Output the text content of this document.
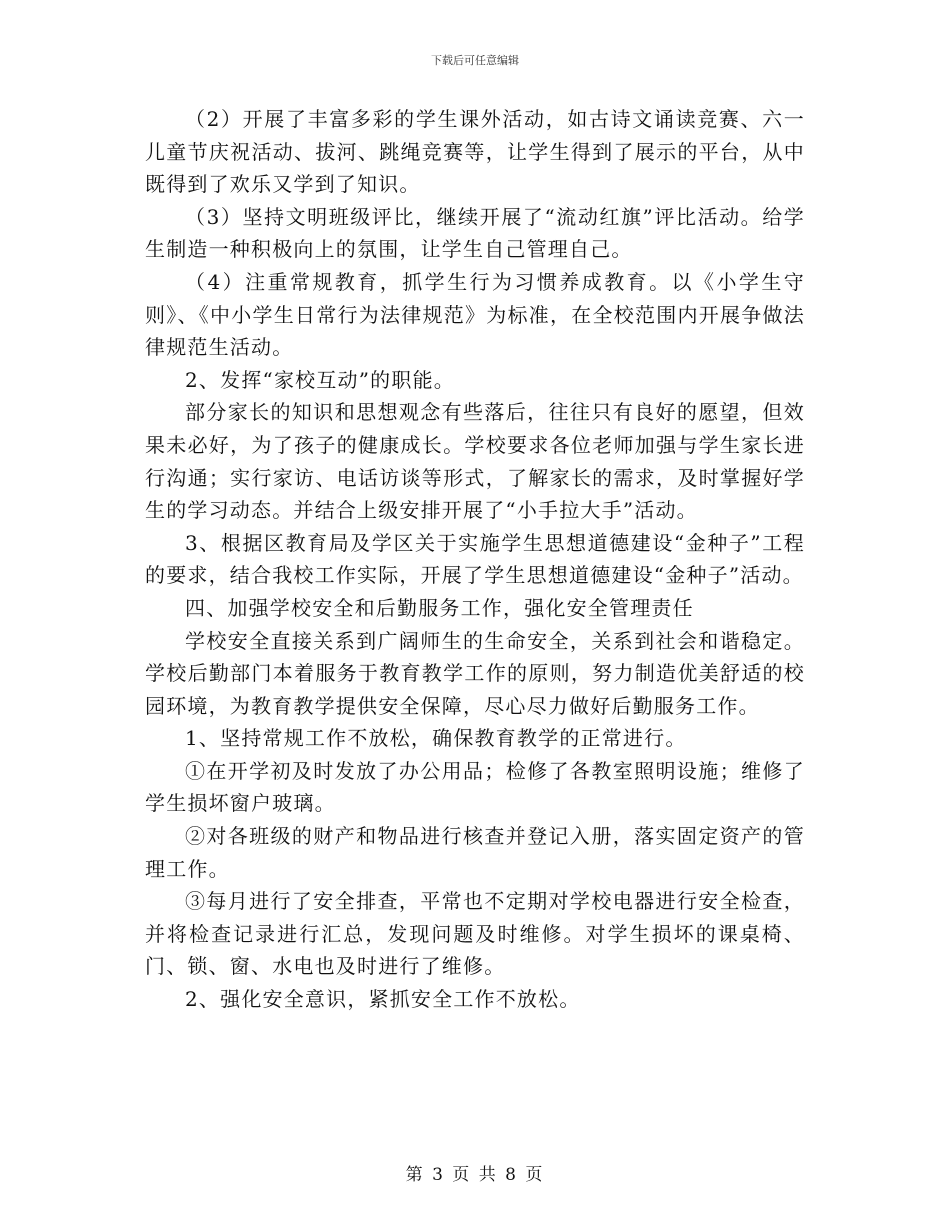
下载后可任意编辑

（2）开展了丰富多彩的学生课外活动，如古诗文诵读竞赛、六一儿童节庆祝活动、拔河、跳绳竞赛等，让学生得到了展示的平台，从中既得到了欢乐又学到了知识。

（3）坚持文明班级评比，继续开展了“流动红旗”评比活动。给学生制造一种积极向上的氛围，让学生自己管理自己。

（4）注重常规教育，抓学生行为习惯养成教育。以《小学生守则》、《中小学生日常行为法律规范》为标准，在全校范围内开展争做法律规范生活动。

2、发挥“家校互动”的职能。

部分家长的知识和思想观念有些落后，往往只有良好的愿望，但效果未必好，为了孩子的健康成长。学校要求各位老师加强与学生家长进行沟通；实行家访、电话访谈等形式，了解家长的需求，及时掌握好学生的学习动态。并结合上级安排开展了“小手拉大手”活动。

3、根据区教育局及学区关于实施学生思想道德建设“金种子”工程的要求，结合我校工作实际，开展了学生思想道德建设“金种子”活动。

四、加强学校安全和后勤服务工作，强化安全管理责任

学校安全直接关系到广阔师生的生命安全，关系到社会和谐稳定。学校后勤部门本着服务于教育教学工作的原则，努力制造优美舒适的校园环境，为教育教学提供安全保障，尽心尽力做好后勤服务工作。

1、坚持常规工作不放松，确保教育教学的正常进行。

①在开学初及时发放了办公用品；检修了各教室照明设施；维修了学生损坏窗户玻璃。

②对各班级的财产和物品进行核查并登记入册，落实固定资产的管理工作。

③每月进行了安全排查，平常也不定期对学校电器进行安全检查，并将检查记录进行汇总，发现问题及时维修。对学生损坏的课桌椅、门、锁、窗、水电也及时进行了维修。

2、强化安全意识，紧抓安全工作不放松。

第 3 页 共 8 页
